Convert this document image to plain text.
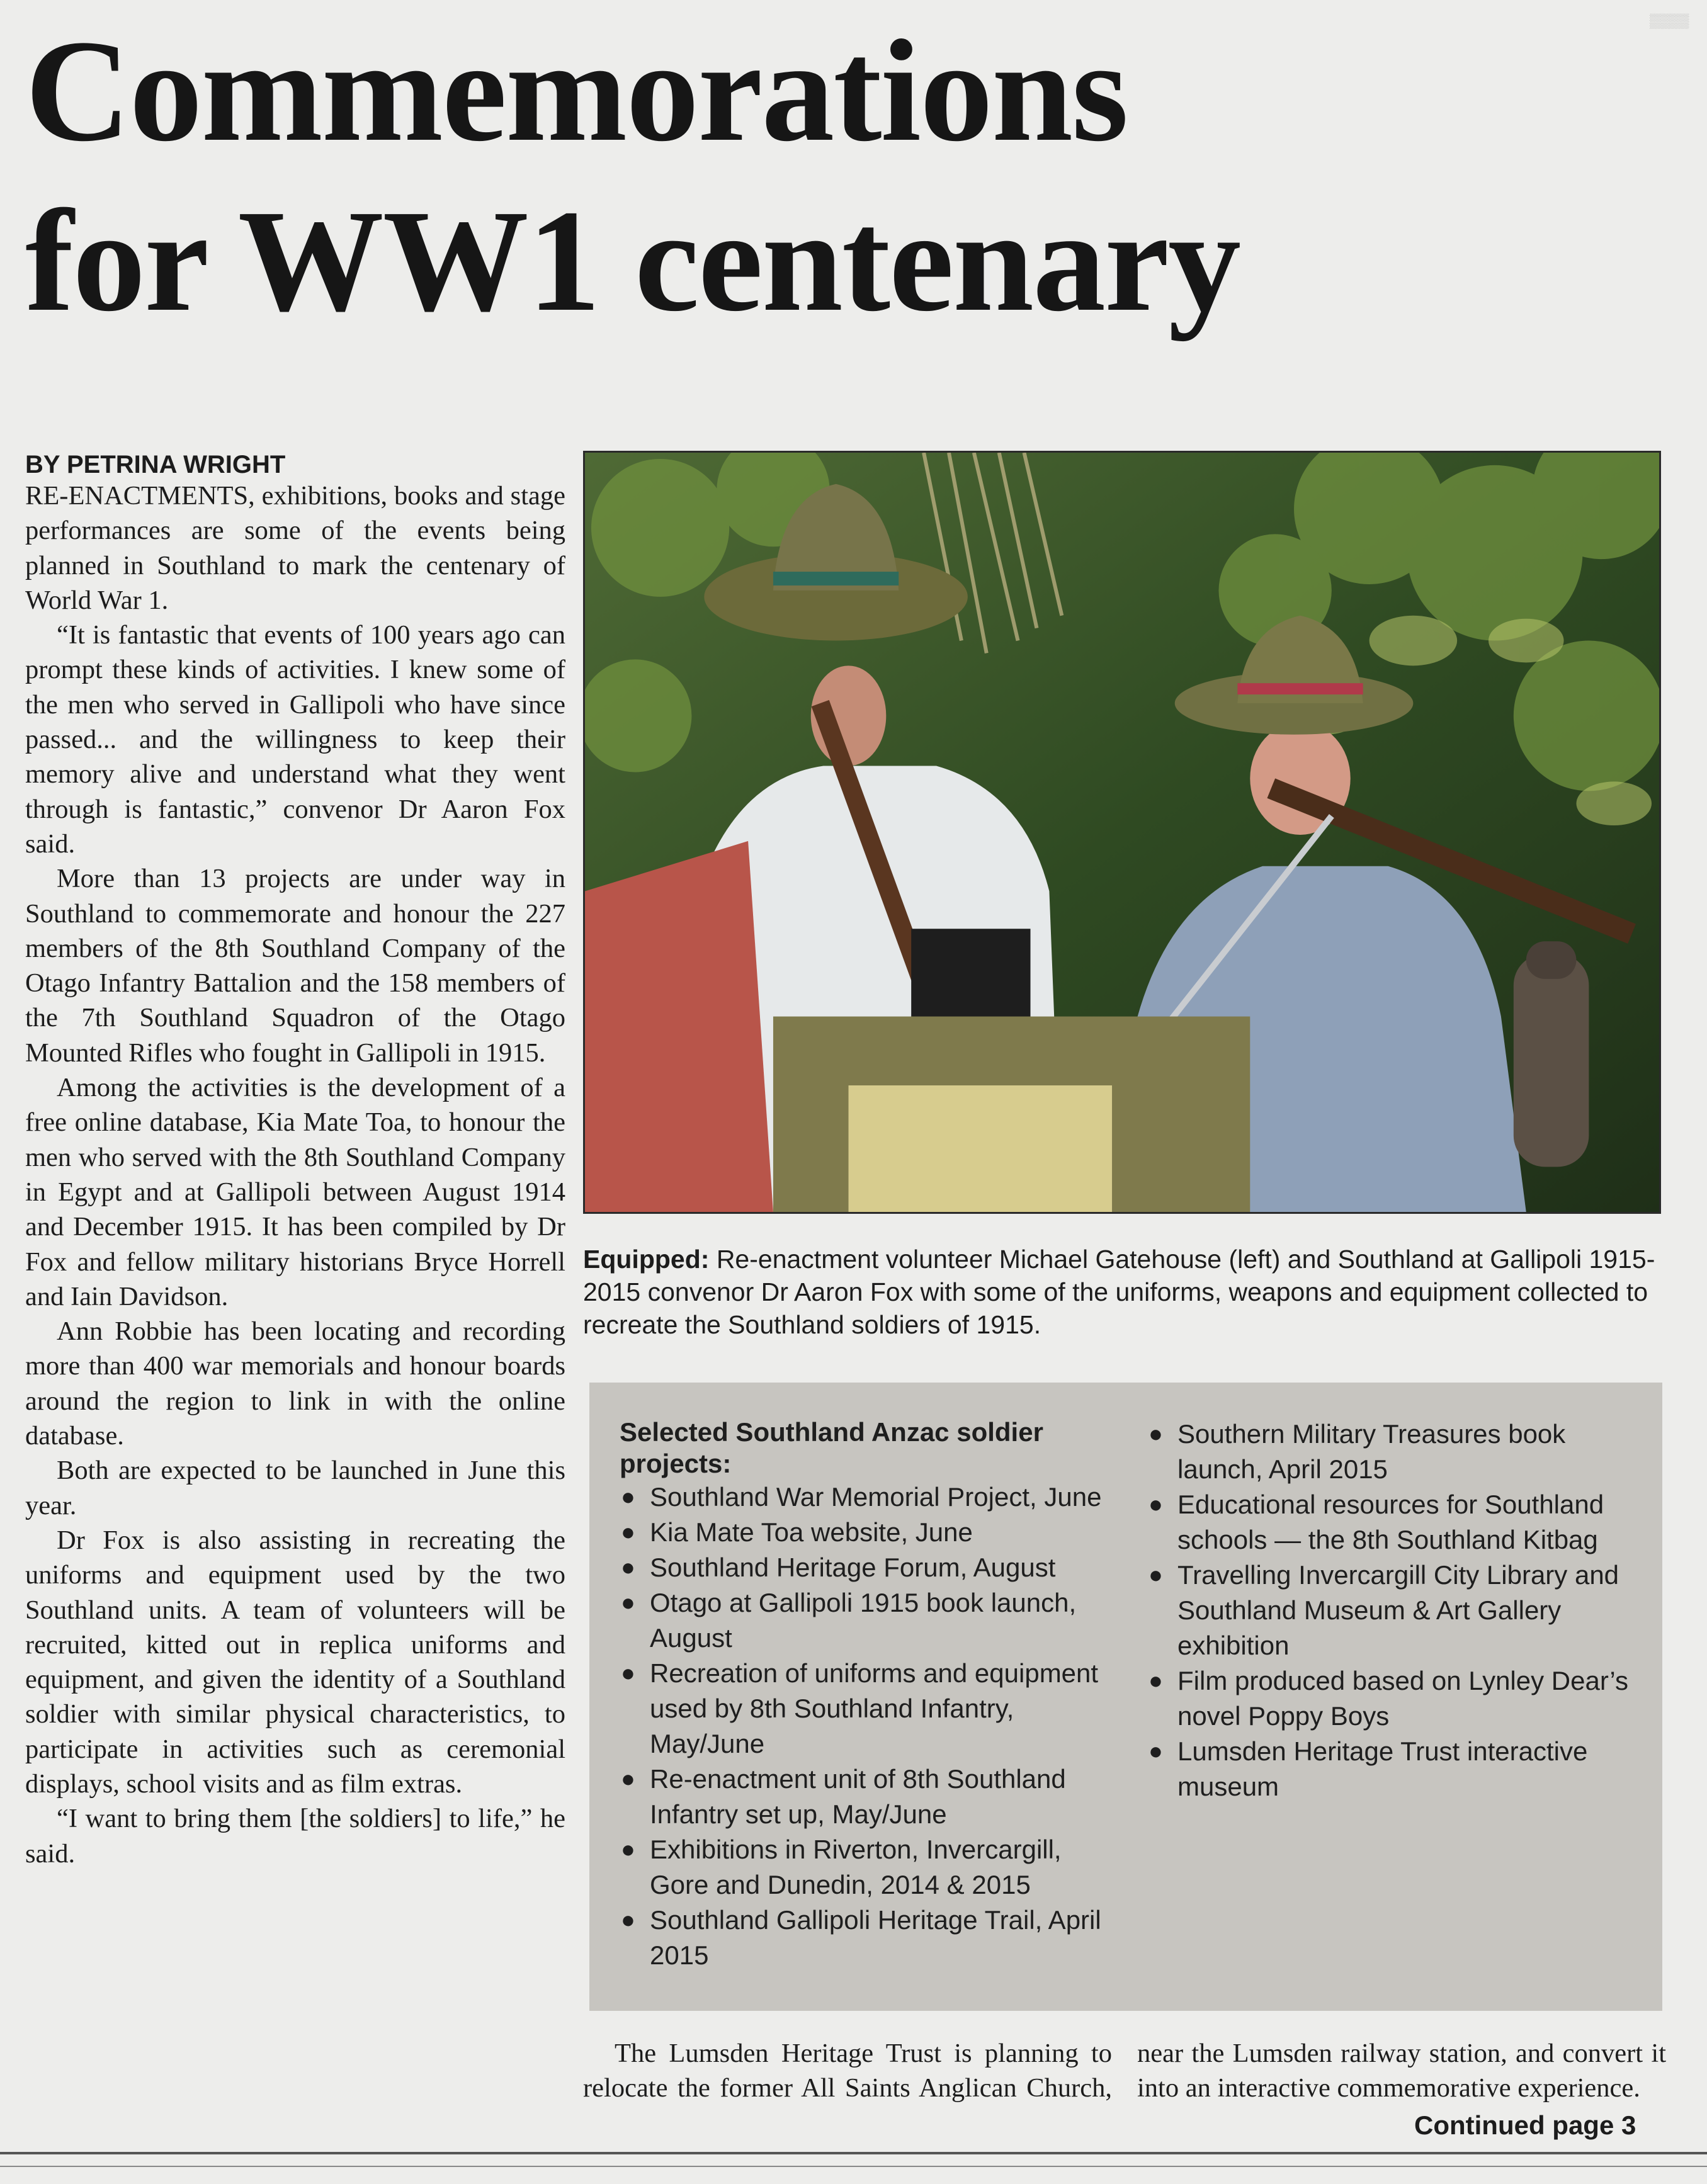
▒▒▒▒
Commemorations
for WW1 centenary
BY PETRINA WRIGHT

RE-ENACTMENTS, exhibitions, books and stage performances are some of the events being planned in Southland to mark the centenary of World War 1.

“It is fantastic that events of 100 years ago can prompt these kinds of activities. I knew some of the men who served in Gallipoli who have since passed... and the willingness to keep their memory alive and understand what they went through is fantastic,” convenor Dr Aaron Fox said.

More than 13 projects are under way in Southland to commemorate and honour the 227 members of the 8th Southland Company of the Otago Infantry Battalion and the 158 members of the 7th Southland Squadron of the Otago Mounted Rifles who fought in Gallipoli in 1915.

Among the activities is the development of a free online database, Kia Mate Toa, to honour the men who served with the 8th Southland Company in Egypt and at Gallipoli between August 1914 and December 1915. It has been compiled by Dr Fox and fellow military historians Bryce Horrell and Iain Davidson.

Ann Robbie has been locating and recording more than 400 war memorials and honour boards around the region to link in with the online database.

Both are expected to be launched in June this year.

Dr Fox is also assisting in recreating the uniforms and equipment used by the two Southland units. A team of volunteers will be recruited, kitted out in replica uniforms and equipment, and given the identity of a Southland soldier with similar physical characteristics, to participate in activities such as ceremonial displays, school visits and as film extras.

“I want to bring them [the soldiers] to life,” he said.

Equipped: Re-enactment volunteer Michael Gatehouse (left) and Southland at Gallipoli 1915-2015 convenor Dr Aaron Fox with some of the uniforms, weapons and equipment collected to recreate the Southland soldiers of 1915.
Selected Southland Anzac soldier projects:
● Southland War Memorial Project, June
● Kia Mate Toa website, June
● Southland Heritage Forum, August
● Otago at Gallipoli 1915 book launch, August
● Recreation of uniforms and equipment used by 8th Southland Infantry, May/June
● Re-enactment unit of 8th Southland Infantry set up, May/June
● Exhibitions in Riverton, Invercargill, Gore and Dunedin, 2014 & 2015
● Southland Gallipoli Heritage Trail, April 2015
● Southern Military Treasures book launch, April 2015
● Educational resources for Southland schools — the 8th Southland Kitbag
● Travelling Invercargill City Library and Southland Museum & Art Gallery exhibition
● Film produced based on Lynley Dear’s novel Poppy Boys
● Lumsden Heritage Trust interactive museum

The Lumsden Heritage Trust is planning to relocate the former All Saints Anglican Church, near the Lumsden railway station, and convert it into an interactive commemorative experience.

Continued page 3
